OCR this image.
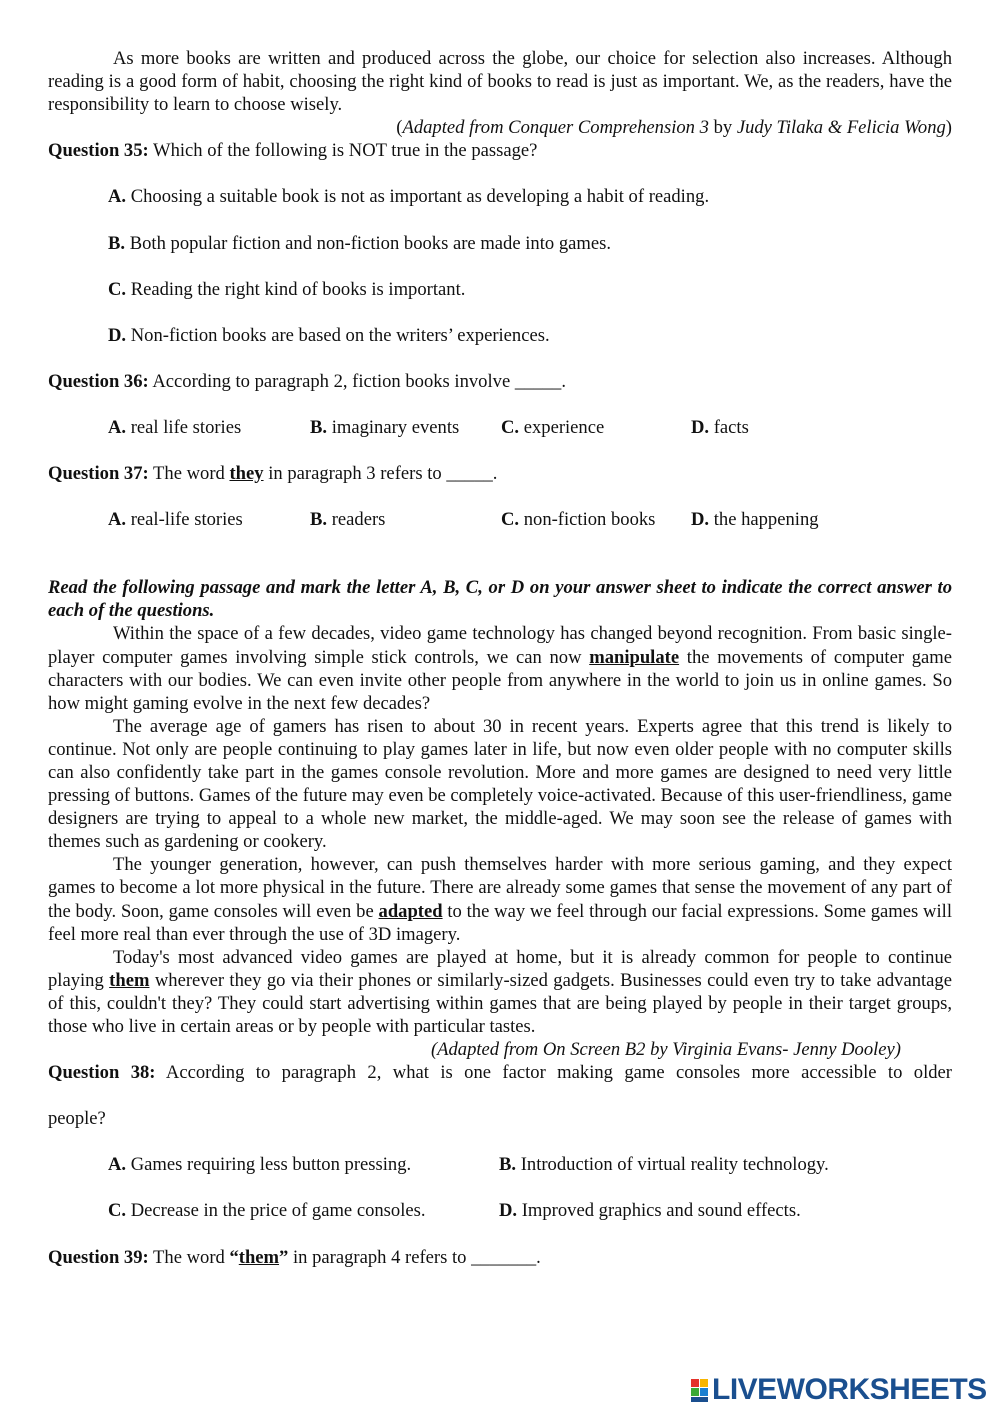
As more books are written and produced across the globe, our choice for selection also increases. Although reading is a good form of habit, choosing the right kind of books to read is just as important. We, as the readers, have the responsibility to learn to choose wisely.

(Adapted from Conquer Comprehension 3 by Judy Tilaka & Felicia Wong)

Question 35: Which of the following is NOT true in the passage?

A. Choosing a suitable book is not as important as developing a habit of reading.

B. Both popular fiction and non-fiction books are made into games.

C. Reading the right kind of books is important.

D. Non-fiction books are based on the writers’ experiences.

Question 36: According to paragraph 2, fiction books involve _____.

A. real life stories	B. imaginary events	C. experience	D. facts

Question 37: The word they in paragraph 3 refers to _____.

A. real-life stories	B. readers	C. non-fiction books	D. the happening

Read the following passage and mark the letter A, B, C, or D on your answer sheet to indicate the correct answer to each of the questions.

Within the space of a few decades, video game technology has changed beyond recognition. From basic single-player computer games involving simple stick controls, we can now manipulate the movements of computer game characters with our bodies. We can even invite other people from anywhere in the world to join us in online games. So how might gaming evolve in the next few decades?

The average age of gamers has risen to about 30 in recent years. Experts agree that this trend is likely to continue. Not only are people continuing to play games later in life, but now even older people with no computer skills can also confidently take part in the games console revolution. More and more games are designed to need very little pressing of buttons. Games of the future may even be completely voice-activated. Because of this user-friendliness, game designers are trying to appeal to a whole new market, the middle-aged. We may soon see the release of games with themes such as gardening or cookery.

The younger generation, however, can push themselves harder with more serious gaming, and they expect games to become a lot more physical in the future. There are already some games that sense the movement of any part of the body. Soon, game consoles will even be adapted to the way we feel through our facial expressions. Some games will feel more real than ever through the use of 3D imagery.

Today's most advanced video games are played at home, but it is already common for people to continue playing them wherever they go via their phones or similarly-sized gadgets. Businesses could even try to take advantage of this, couldn't they? They could start advertising within games that are being played by people in their target groups, those who live in certain areas or by people with particular tastes.

(Adapted from On Screen B2 by Virginia Evans- Jenny Dooley)

Question 38: According to paragraph 2, what is one factor making game consoles more accessible to older

people?

A. Games requiring less button pressing.	B. Introduction of virtual reality technology.
C. Decrease in the price of game consoles.	D. Improved graphics and sound effects.

Question 39: The word “them” in paragraph 4 refers to _______.

LIVEWORKSHEETS
